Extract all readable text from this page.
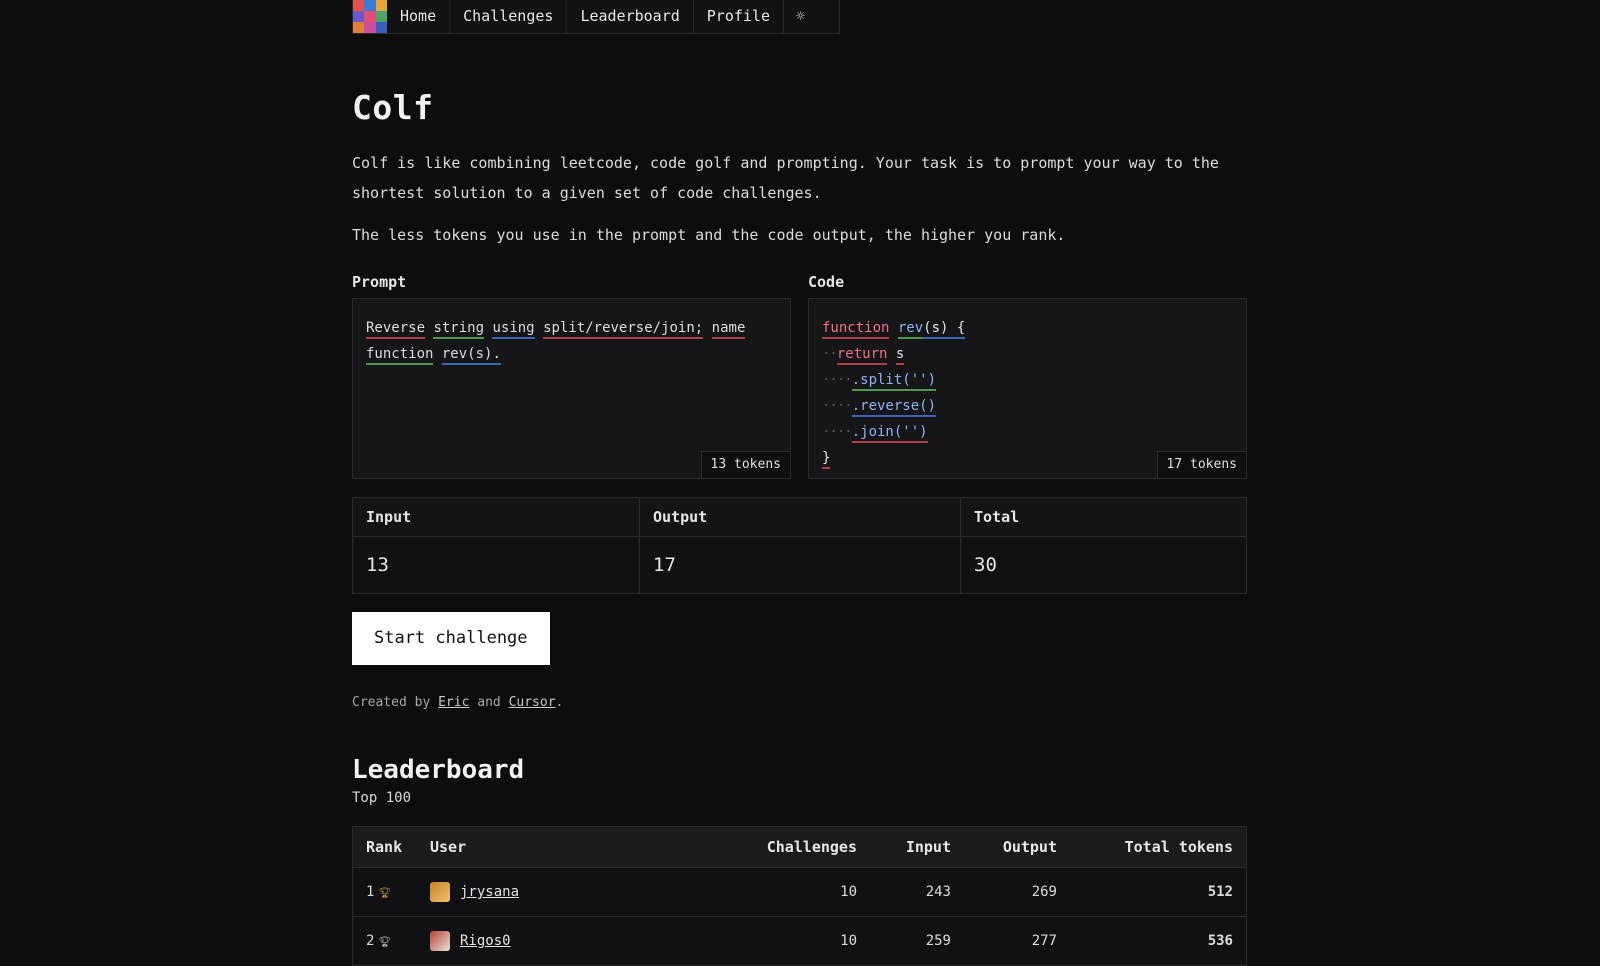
Home	Challenges	Leaderboard	Profile	☼
Colf

Colf is like combining leetcode, code golf and prompting. Your task is to prompt your way to the shortest solution to a given set of code challenges.

The less tokens you use in the prompt and the code output, the higher you rank.

Prompt
Reverse string using split/reverse/join; name
function rev(s).
13 tokens
Code
function rev(s) {
··return s
····.split('')
····.reverse()
····.join('')
}	17 tokens
Input	Output	Total
13	17	30
Start challenge
Created by Eric and Cursor.
Leaderboard
Top 100
Rank	User	Challenges	Input	Output	Total tokens
1 🏆︎	jrysana	10	243	269	512
2 🏆︎	Rigos0	10	259	277	536
